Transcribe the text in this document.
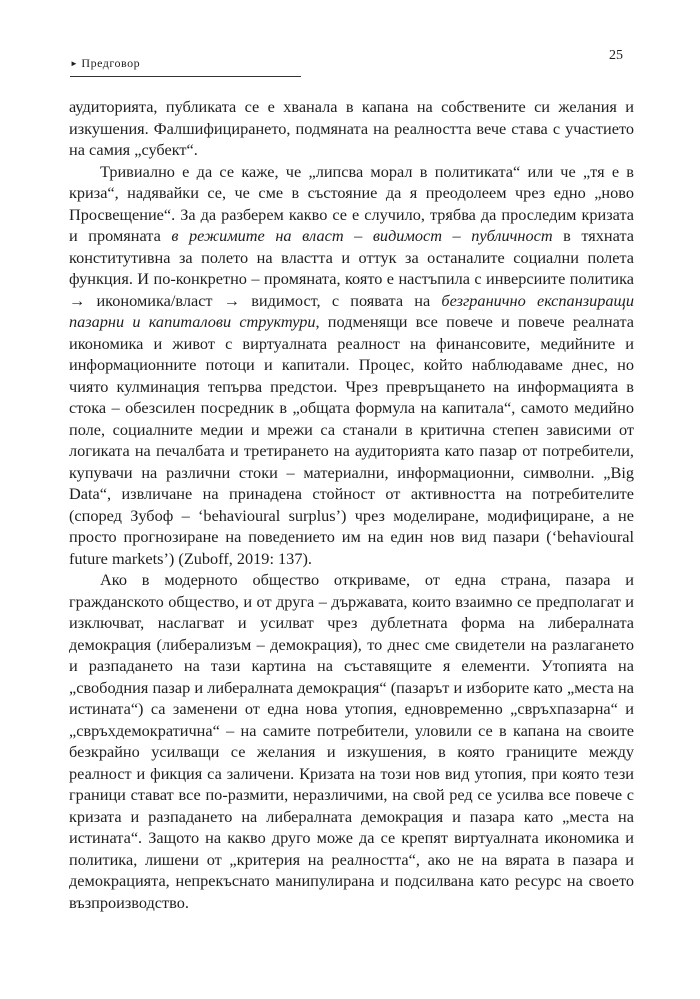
► Предговор	25

аудиторията, публиката се е хванала в капана на собствените си желания и изкушения. Фалшифицирането, подмяната на реалността вече става с участието на самия „субект“.

Тривиално е да се каже, че „липсва морал в политиката“ или че „тя е в криза“, надявайки се, че сме в състояние да я преодолеем чрез едно „ново Просвещение“. За да разберем какво се е случило, трябва да проследим кризата и промяната в режимите на власт – видимост – публичност в тяхната конститутивна за полето на властта и оттук за останалите социални полета функция. И по-конкретно – промяната, която е настъпила с инверсиите политика → икономика/власт → видимост, с появата на безгранично експанзиращи пазарни и капиталови структури, подменящи все повече и повече реалната икономика и живот с виртуалната реалност на финансовите, медийните и информационните потоци и капитали. Процес, който наблюдаваме днес, но чиято кулминация тепърва предстои. Чрез превръщането на информацията в стока – обезсилен посредник в „общата формула на капитала“, самото медийно поле, социалните медии и мрежи са станали в критична степен зависими от логиката на печалбата и третирането на аудиторията като пазар от потребители, купувачи на различни стоки – материални, информационни, символни. „Big Data“, извличане на принадена стойност от активността на потребителите (според Зубоф – ‘behavioural surplus’) чрез моделиране, модифициране, а не просто прогнозиране на поведението им на един нов вид пазари (‘behavioural future markets’) (Zuboff, 2019: 137).

Ако в модерното общество откриваме, от една страна, пазара и гражданското общество, и от друга – държавата, които взаимно се предполагат и изключват, наслагват и усилват чрез дублетната форма на либералната демокрация (либерализъм – демокрация), то днес сме свидетели на разлагането и разпадането на тази картина на съставящите я елементи. Утопията на „свободния пазар и либералната демокрация“ (пазарът и изборите като „места на истината“) са заменени от една нова утопия, едновременно „свръхпазарна“ и „свръхдемократична“ – на самите потребители, уловили се в капана на своите безкрайно усилващи се желания и изкушения, в която границите между реалност и фикция са заличени. Кризата на този нов вид утопия, при която тези граници стават все по-размити, неразличими, на свой ред се усилва все повече с кризата и разпадането на либералната демокрация и пазара като „места на истината“. Защото на какво друго може да се крепят виртуалната икономика и политика, лишени от „критерия на реалността“, ако не на вярата в пазара и демокрацията, непрекъснато манипулирана и подсилвана като ресурс на своето възпроизводство.
